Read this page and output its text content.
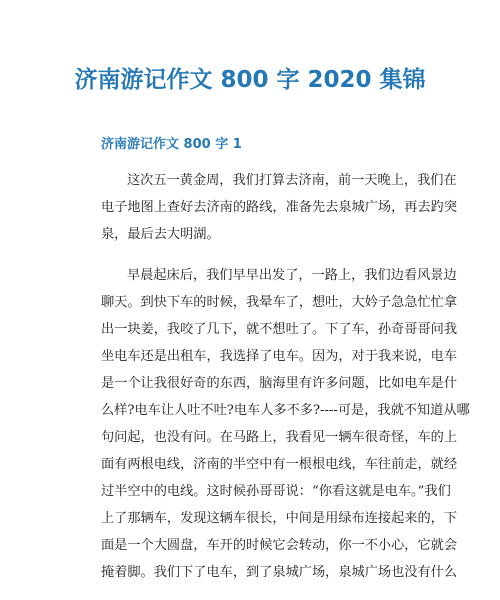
济南游记作文 800 字 2020 集锦
济南游记作文 800 字 1

这次五一黄金周，我们打算去济南，前一天晚上，我们在
电子地图上查好去济南的路线，准备先去泉城广场，再去趵突
泉，最后去大明湖。

早晨起床后，我们早早出发了，一路上，我们边看风景边
聊天。到快下车的时候，我晕车了，想吐，大妗子急急忙忙拿
出一块姜，我咬了几下，就不想吐了。下了车，孙奇哥哥问我
坐电车还是出租车，我选择了电车。因为，对于我来说，电车
是一个让我很好奇的东西，脑海里有许多问题，比如电车是什
么样?电车让人吐不吐?电车人多不多?----可是，我就不知道从哪
句问起，也没有问。在马路上，我看见一辆车很奇怪，车的上
面有两根电线，济南的半空中有一根根电线，车往前走，就经
过半空中的电线。这时候孙哥哥说：“你看这就是电车。”我们
上了那辆车，发现这辆车很长，中间是用绿布连接起来的，下
面是一个大圆盘，车开的时候它会转动，你一不小心，它就会
掩着脚。我们下了电车，到了泉城广场，泉城广场也没有什么
